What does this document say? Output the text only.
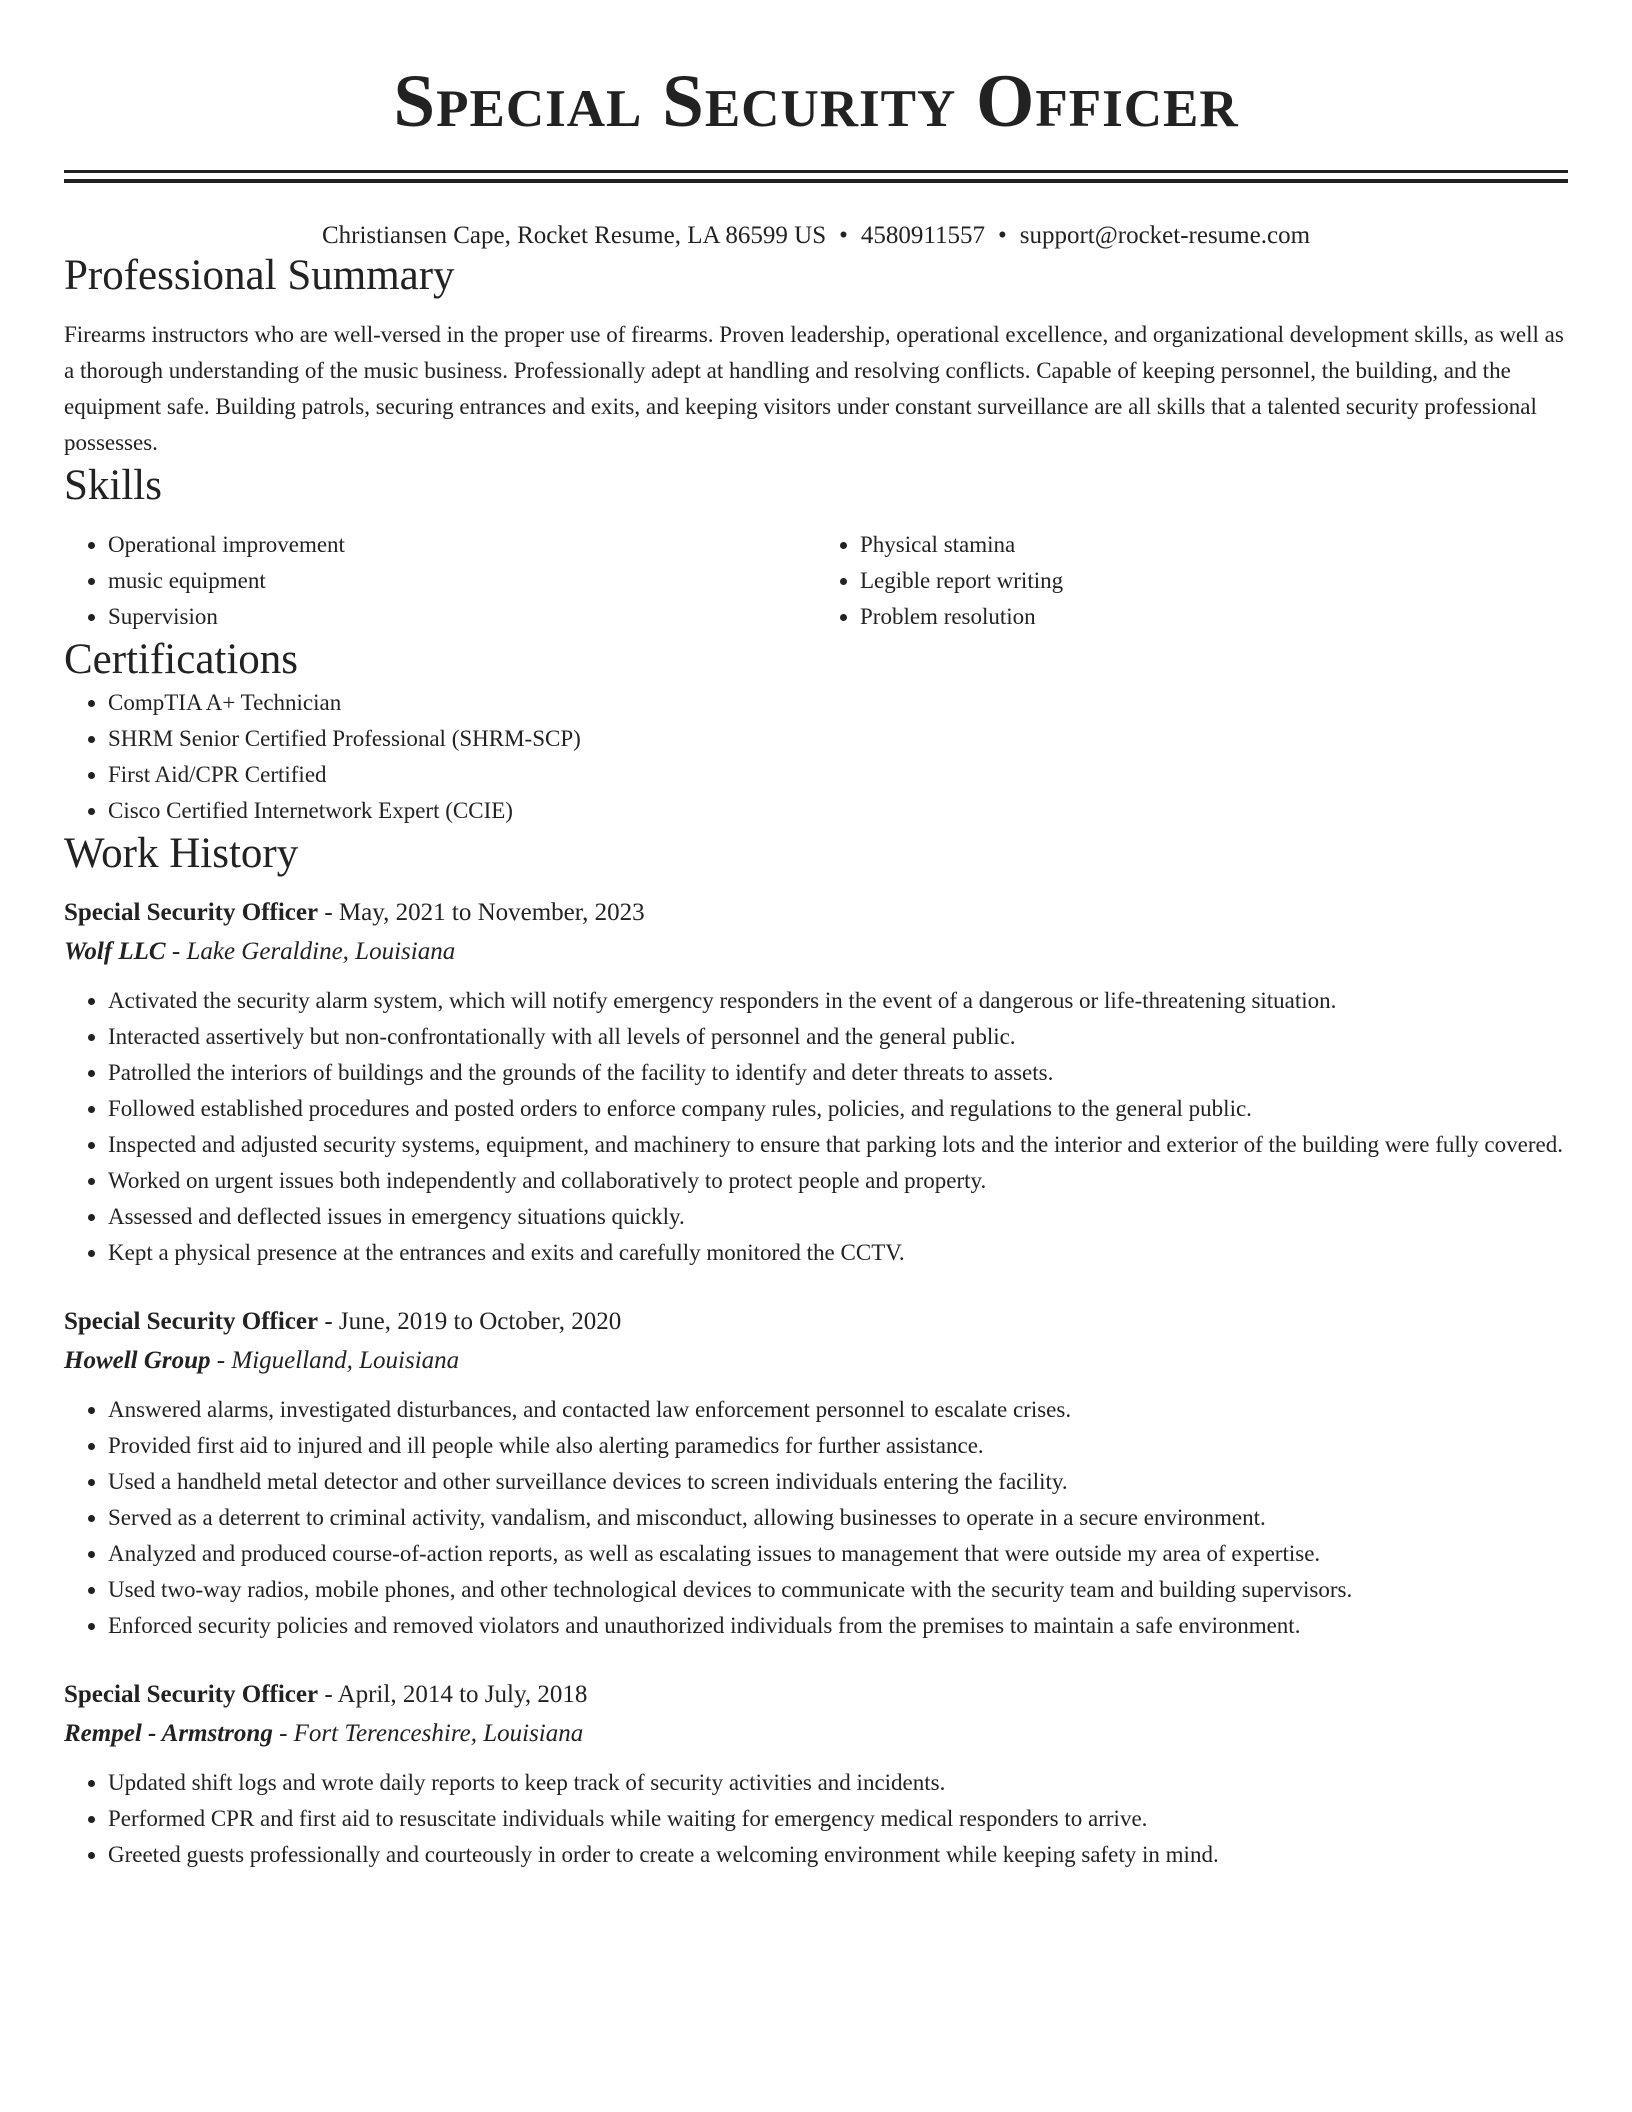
Special Security Officer
Christiansen Cape, Rocket Resume, LA 86599 US • 4580911557 • support@rocket-resume.com
Professional Summary

Firearms instructors who are well-versed in the proper use of firearms. Proven leadership, operational excellence, and organizational development skills, as well as a thorough understanding of the music business. Professionally adept at handling and resolving conflicts. Capable of keeping personnel, the building, and the equipment safe. Building patrols, securing entrances and exits, and keeping visitors under constant surveillance are all skills that a talented security professional possesses.

Skills
• Operational improvement
• music equipment
• Supervision
• Physical stamina
• Legible report writing
• Problem resolution
Certifications
• CompTIA A+ Technician
• SHRM Senior Certified Professional (SHRM-SCP)
• First Aid/CPR Certified
• Cisco Certified Internetwork Expert (CCIE)
Work History
Special Security Officer - May, 2021 to November, 2023
Wolf LLC - Lake Geraldine, Louisiana
• Activated the security alarm system, which will notify emergency responders in the event of a dangerous or life-threatening situation.
• Interacted assertively but non-confrontationally with all levels of personnel and the general public.
• Patrolled the interiors of buildings and the grounds of the facility to identify and deter threats to assets.
• Followed established procedures and posted orders to enforce company rules, policies, and regulations to the general public.
• Inspected and adjusted security systems, equipment, and machinery to ensure that parking lots and the interior and exterior of the building were fully covered.
• Worked on urgent issues both independently and collaboratively to protect people and property.
• Assessed and deflected issues in emergency situations quickly.
• Kept a physical presence at the entrances and exits and carefully monitored the CCTV.
Special Security Officer - June, 2019 to October, 2020
Howell Group - Miguelland, Louisiana
• Answered alarms, investigated disturbances, and contacted law enforcement personnel to escalate crises.
• Provided first aid to injured and ill people while also alerting paramedics for further assistance.
• Used a handheld metal detector and other surveillance devices to screen individuals entering the facility.
• Served as a deterrent to criminal activity, vandalism, and misconduct, allowing businesses to operate in a secure environment.
• Analyzed and produced course-of-action reports, as well as escalating issues to management that were outside my area of expertise.
• Used two-way radios, mobile phones, and other technological devices to communicate with the security team and building supervisors.
• Enforced security policies and removed violators and unauthorized individuals from the premises to maintain a safe environment.
Special Security Officer - April, 2014 to July, 2018
Rempel - Armstrong - Fort Terenceshire, Louisiana
• Updated shift logs and wrote daily reports to keep track of security activities and incidents.
• Performed CPR and first aid to resuscitate individuals while waiting for emergency medical responders to arrive.
• Greeted guests professionally and courteously in order to create a welcoming environment while keeping safety in mind.
